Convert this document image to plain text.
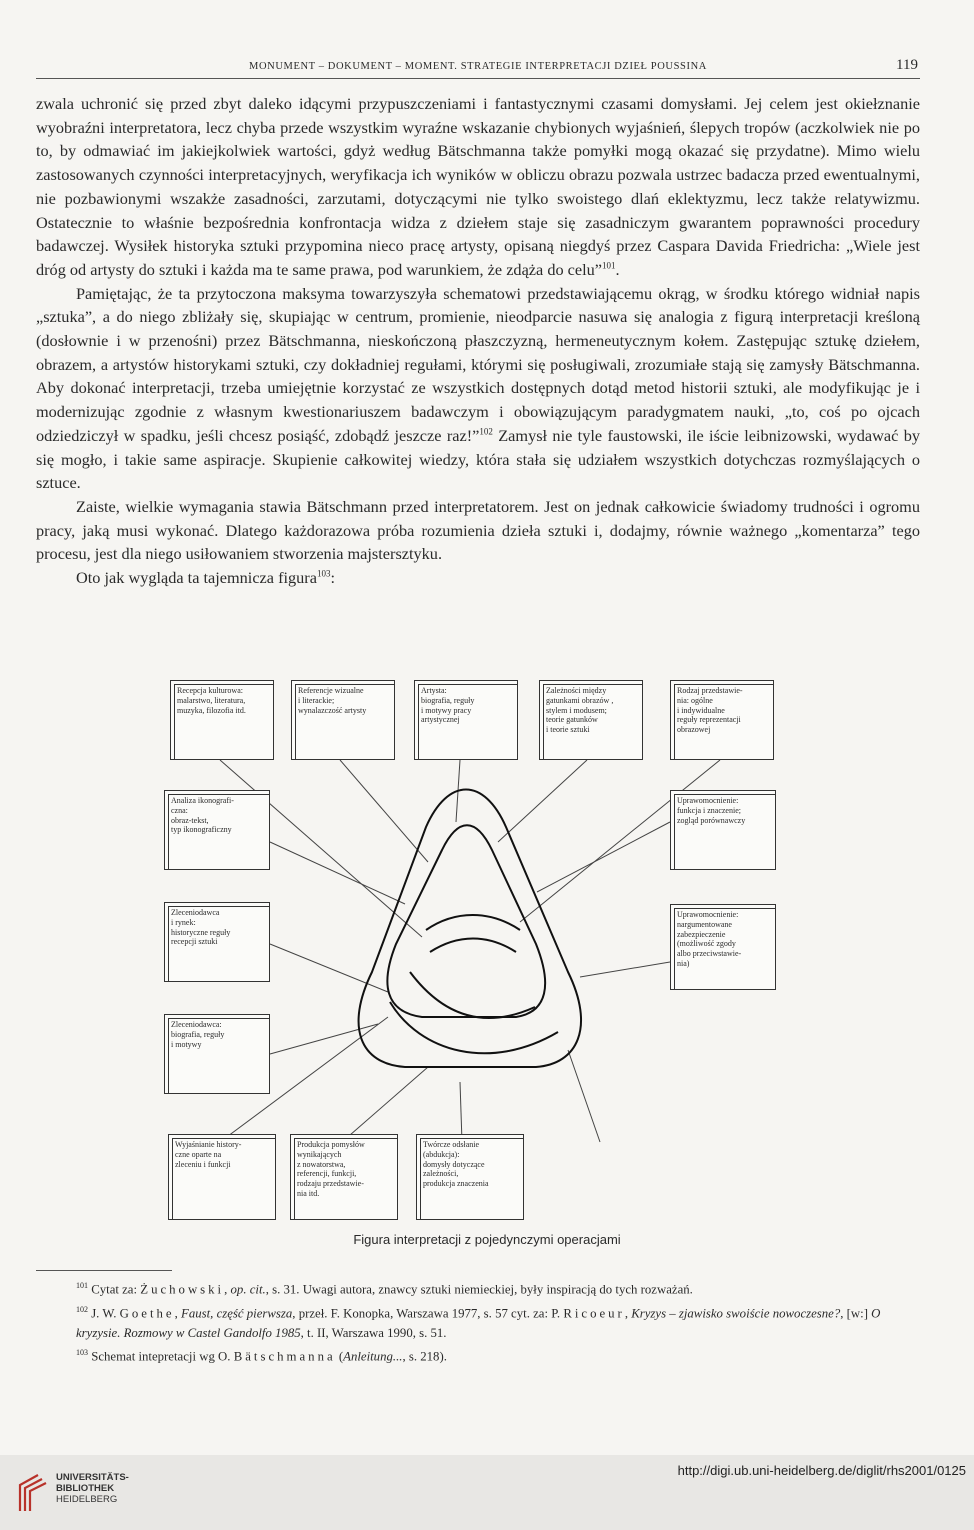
MONUMENT – DOKUMENT – MOMENT. STRATEGIE INTERPRETACJI DZIEŁ POUSSINA	119

zwala uchronić się przed zbyt daleko idącymi przypuszczeniami i fantastycznymi czasami domysłami. Jej celem jest okiełznanie wyobraźni interpretatora, lecz chyba przede wszystkim wyraźne wskazanie chybionych wyjaśnień, ślepych tropów (aczkolwiek nie po to, by odmawiać im jakiejkolwiek wartości, gdyż według Bätschmanna także pomyłki mogą okazać się przydatne). Mimo wielu zastosowanych czynności interpretacyjnych, weryfikacja ich wyników w obliczu obrazu pozwala ustrzec badacza przed ewentualnymi, nie pozbawionymi wszakże zasadności, zarzutami, dotyczącymi nie tylko swoistego dlań eklektyzmu, lecz także relatywizmu. Ostatecznie to właśnie bezpośrednia konfrontacja widza z dziełem staje się zasadniczym gwarantem poprawności procedury badawczej. Wysiłek historyka sztuki przypomina nieco pracę artysty, opisaną niegdyś przez Caspara Davida Friedricha: „Wiele jest dróg od artysty do sztuki i każda ma te same prawa, pod warunkiem, że zdąża do celu”$^{101}$.

Pamiętając, że ta przytoczona maksyma towarzyszyła schematowi przedstawiającemu okrąg, w środku którego widniał napis „sztuka”, a do niego zbliżały się, skupiając w centrum, promienie, nieodparcie nasuwa się analogia z figurą interpretacji kreśloną (dosłownie i w przenośni) przez Bätschmanna, nieskończoną płaszczyzną, hermeneutycznym kołem. Zastępując sztukę dziełem, obrazem, a artystów historykami sztuki, czy dokładniej regułami, którymi się posługiwali, zrozumiałe stają się zamysły Bätschmanna. Aby dokonać interpretacji, trzeba umiejętnie korzystać ze wszystkich dostępnych dotąd metod historii sztuki, ale modyfikując je i modernizując zgodnie z własnym kwestionariuszem badawczym i obowiązującym paradygmatem nauki, „to, coś po ojcach odziedziczył w spadku, jeśli chcesz posiąść, zdobądź jeszcze raz!”$^{102}$ Zamysł nie tyle faustowski, ile iście leibnizowski, wydawać by się mogło, i takie same aspiracje. Skupienie całkowitej wiedzy, która stała się udziałem wszystkich dotychczas rozmyślających o sztuce.

Zaiste, wielkie wymagania stawia Bätschmann przed interpretatorem. Jest on jednak całkowicie świadomy trudności i ogromu pracy, jaką musi wykonać. Dlatego każdorazowa próba rozumienia dzieła sztuki i, dodajmy, równie ważnego „komentarza” tego procesu, jest dla niego usiłowaniem stworzenia majstersztyku.

Oto jak wygląda ta tajemnicza figura$^{103}$:

Recepcja kulturowa:
malarstwo, literatura,
muzyka, filozofia itd.
Referencje wizualne
i literackie;
wynalazczość artysty
Artysta:
biografia, reguły
i motywy pracy
artystycznej
Zależności między
gatunkami obrazów ,
stylem i modusem;
teorie gatunków
i teorie sztuki
Rodzaj przedstawie-
nia: ogólne
i indywidualne
reguły reprezentacji
obrazowej
Analiza ikonografi-
czna:
obraz-tekst,
typ ikonograficzny
Zleceniodawca
i rynek:
historyczne reguły
recepcji sztuki
Zleceniodawca:
biografia, reguły
i motywy
Uprawomocnienie:
funkcja i znaczenie;
zogląd porównawczy
Uprawomocnienie:
nargumentowane
zabezpieczenie
(możliwość zgody
albo przeciwstawie-
nia)
Wyjaśnianie history-
czne oparte na
zleceniu i funkcji
Produkcja pomysłów
wynikających
z nowatorstwa,
referencji, funkcji,
rodzaju przedstawie-
nia itd.
Twórcze odsłanie
(abdukcja):
domysły dotyczące
zależności,
produkcja znaczenia
Figura interpretacji z pojedynczymi operacjami

$^{101}$ Cytat za: Żuchowski, op. cit., s. 31. Uwagi autora, znawcy sztuki niemieckiej, były inspiracją do tych rozważań.

$^{102}$ J. W. Goethe, Faust, część pierwsza, przeł. F. Konopka, Warszawa 1977, s. 57 cyt. za: P. Ricoeur, Kryzys – zjawisko swoiście nowoczesne?, [w:] O kryzysie. Rozmowy w Castel Gandolfo 1985, t. II, Warszawa 1990, s. 51.

$^{103}$ Schemat intepretacji wg O. Bätschmanna (Anleitung..., s. 218).

UNIVERSITÄTS-
BIBLIOTHEK
HEIDELBERG
http://digi.ub.uni-heidelberg.de/diglit/rhs2001/0125
